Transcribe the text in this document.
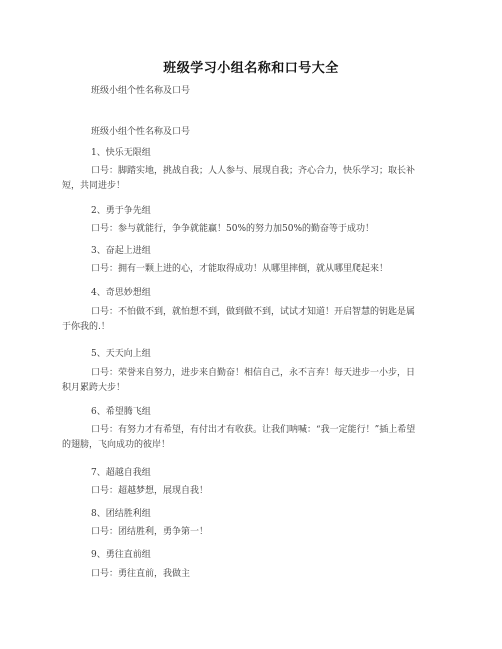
班级学习小组名称和口号大全
班级小组个性名称及口号
班级小组个性名称及口号
1、快乐无限组
口号：脚踏实地，挑战自我；人人参与、展现自我；齐心合力，快乐学习；取长补短，共同进步！
2、勇于争先组
口号：参与就能行，争争就能赢！50%的努力加50%的勤奋等于成功！
3、奋起上进组
口号：拥有一颗上进的心，才能取得成功！从哪里摔倒，就从哪里爬起来！
4、奇思妙想组
口号：不怕做不到，就怕想不到，做到做不到，试试才知道！开启智慧的钥匙是属于你我的.！
5、天天向上组
口号：荣誉来自努力，进步来自勤奋！相信自己，永不言弃！每天进步一小步，日积月累跨大步！
6、希望腾飞组
口号：有努力才有希望，有付出才有收获。让我们呐喊：“我一定能行！”插上希望的翅膀，飞向成功的彼岸！
7、超越自我组
口号：超越梦想，展现自我！
8、团结胜利组
口号：团结胜利，勇争第一！
9、勇往直前组
口号：勇往直前，我做主
